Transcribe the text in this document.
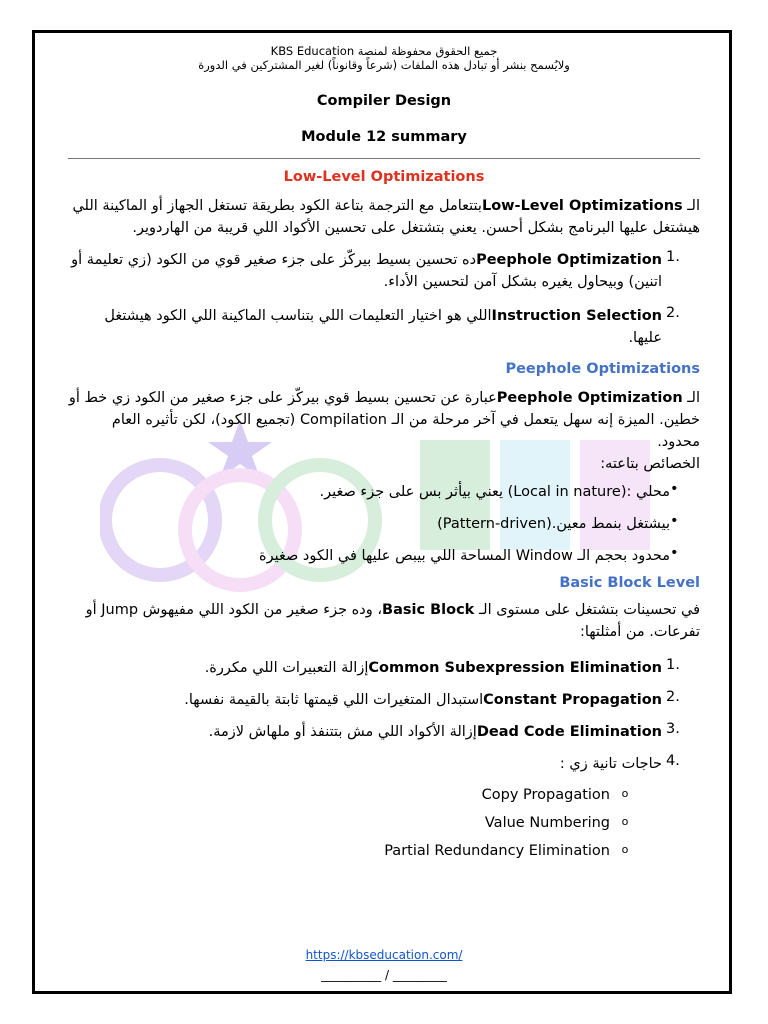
جميع الحقوق محفوظة لمنصة KBS Education
ولايُسمح بنشر أو تبادل هذه الملفات (شرعاً وقانوناً) لغير المشتركين في الدورة

Compiler Design

Module 12 summary

Low-Level Optimizations

الـ Low-Level Optimizationsبتتعامل مع الترجمة بتاعة الكود بطريقة تستغل الجهاز أو الماكينة اللي هيشتغل عليها البرنامج بشكل أحسن. يعني بتشتغل على تحسين الأكواد اللي قريبة من الهاردوير.

1.

Peephole Optimizationده تحسين بسيط بيركّز على جزء صغير قوي من الكود (زي تعليمة أو اتنين) وبيحاول يغيره بشكل آمن لتحسين الأداء.

2.

Instruction Selectionاللي هو اختيار التعليمات اللي بتناسب الماكينة اللي الكود هيشتغل عليها.

Peephole Optimizations

الـ Peephole Optimizationعبارة عن تحسين بسيط قوي بيركّز على جزء صغير من الكود زي خط أو خطين. الميزة إنه سهل يتعمل في آخر مرحلة من الـ Compilation (تجميع الكود)، لكن تأثيره العام محدود.

الخصائص بتاعته:

•

محلي :(Local in nature) يعني بيأثر بس على جزء صغير.

•

بيشتغل بنمط معين.(Pattern-driven)

•

محدود بحجم الـ Window المساحة اللي بيبص عليها في الكود صغيرة

Basic Block Level

في تحسينات بتشتغل على مستوى الـ Basic Block، وده جزء صغير من الكود اللي مفيهوش Jump أو تفرعات. من أمثلتها:

1.

Common Subexpression Eliminationإزالة التعبيرات اللي مكررة.

2.

Constant Propagationاستبدال المتغيرات اللي قيمتها ثابتة بالقيمة نفسها.

3.

Dead Code Eliminationإزالة الأكواد اللي مش بتتنفذ أو ملهاش لازمة.

4.

حاجات تانية زي :

o
Copy Propagation
o
Value Numbering
o
Partial Redundancy Elimination
https://kbseducation.com/
__________ / _________
